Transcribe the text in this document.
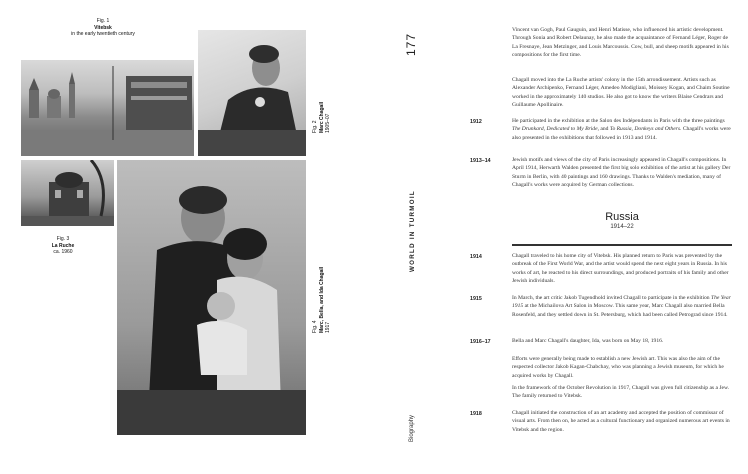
Fig. 1
Vitebsk
in the early twentieth century
Fig. 3
La Ruche
ca. 1960
Fig. 2
Marc Chagall
1905–07
Fig. 4
Marc, Bella, and Ida Chagall
1917
177
WORLD IN TURMOIL
Biography

Vincent van Gogh, Paul Gauguin, and Henri Matisse, who influenced his artistic development. Through Sonia and Robert Delaunay, he also made the acquaintance of Fernand Léger, Roger de La Fresnaye, Jean Metzinger, and Louis Marcoussis. Cow, bull, and sheep motifs appeared in his compositions for the first time.

Chagall moved into the La Ruche artists' colony in the 15th arrondissement. Artists such as Alexander Archipenko, Fernand Léger, Amedeo Modigliani, Moissey Kogan, and Chaim Soutine worked in the approximately 140 studios. He also got to know the writers Blaise Cendrars and Guillaume Apollinaire.

1912	He participated in the exhibition at the Salon des Indépendants in Paris with the three paintings The Drunkard, Dedicated to My Bride, and To Russia, Donkeys and Others. Chagall's works were also presented in the exhibitions that followed in 1913 and 1914.

1913–14	Jewish motifs and views of the city of Paris increasingly appeared in Chagall's compositions. In April 1914, Herwarth Walden presented the first big solo exhibition of the artist at his gallery Der Sturm in Berlin, with 40 paintings and 160 drawings. Thanks to Walden's mediation, many of Chagall's works were acquired by German collections.

Russia
1914–22
1914	Chagall traveled to his home city of Vitebsk. His planned return to Paris was prevented by the outbreak of the First World War, and the artist would spend the next eight years in Russia. In his works of art, he reacted to his direct surroundings, and produced portraits of his family and other Jewish individuals.

1915	In March, the art critic Jakob Tugendhold invited Chagall to participate in the exhibition The Year 1915 at the Michailova Art Salon in Moscow. This same year, Marc Chagall also married Bella Rosenfeld, and they settled down in St. Petersburg, which had been called Petrograd since 1914.

1916–17	Bella and Marc Chagall's daughter, Ida, was born on May 18, 1916.

Efforts were generally being made to establish a new Jewish art. This was also the aim of the respected collector Jakob Kagan-Chabchay, who was planning a Jewish museum, for which he acquired works by Chagall.

In the framework of the October Revolution in 1917, Chagall was given full citizenship as a Jew. The family returned to Vitebsk.

1918	Chagall initiated the construction of an art academy and accepted the position of commissar of visual arts. From then on, he acted as a cultural functionary and organized numerous art events in Vitebsk and the region.
